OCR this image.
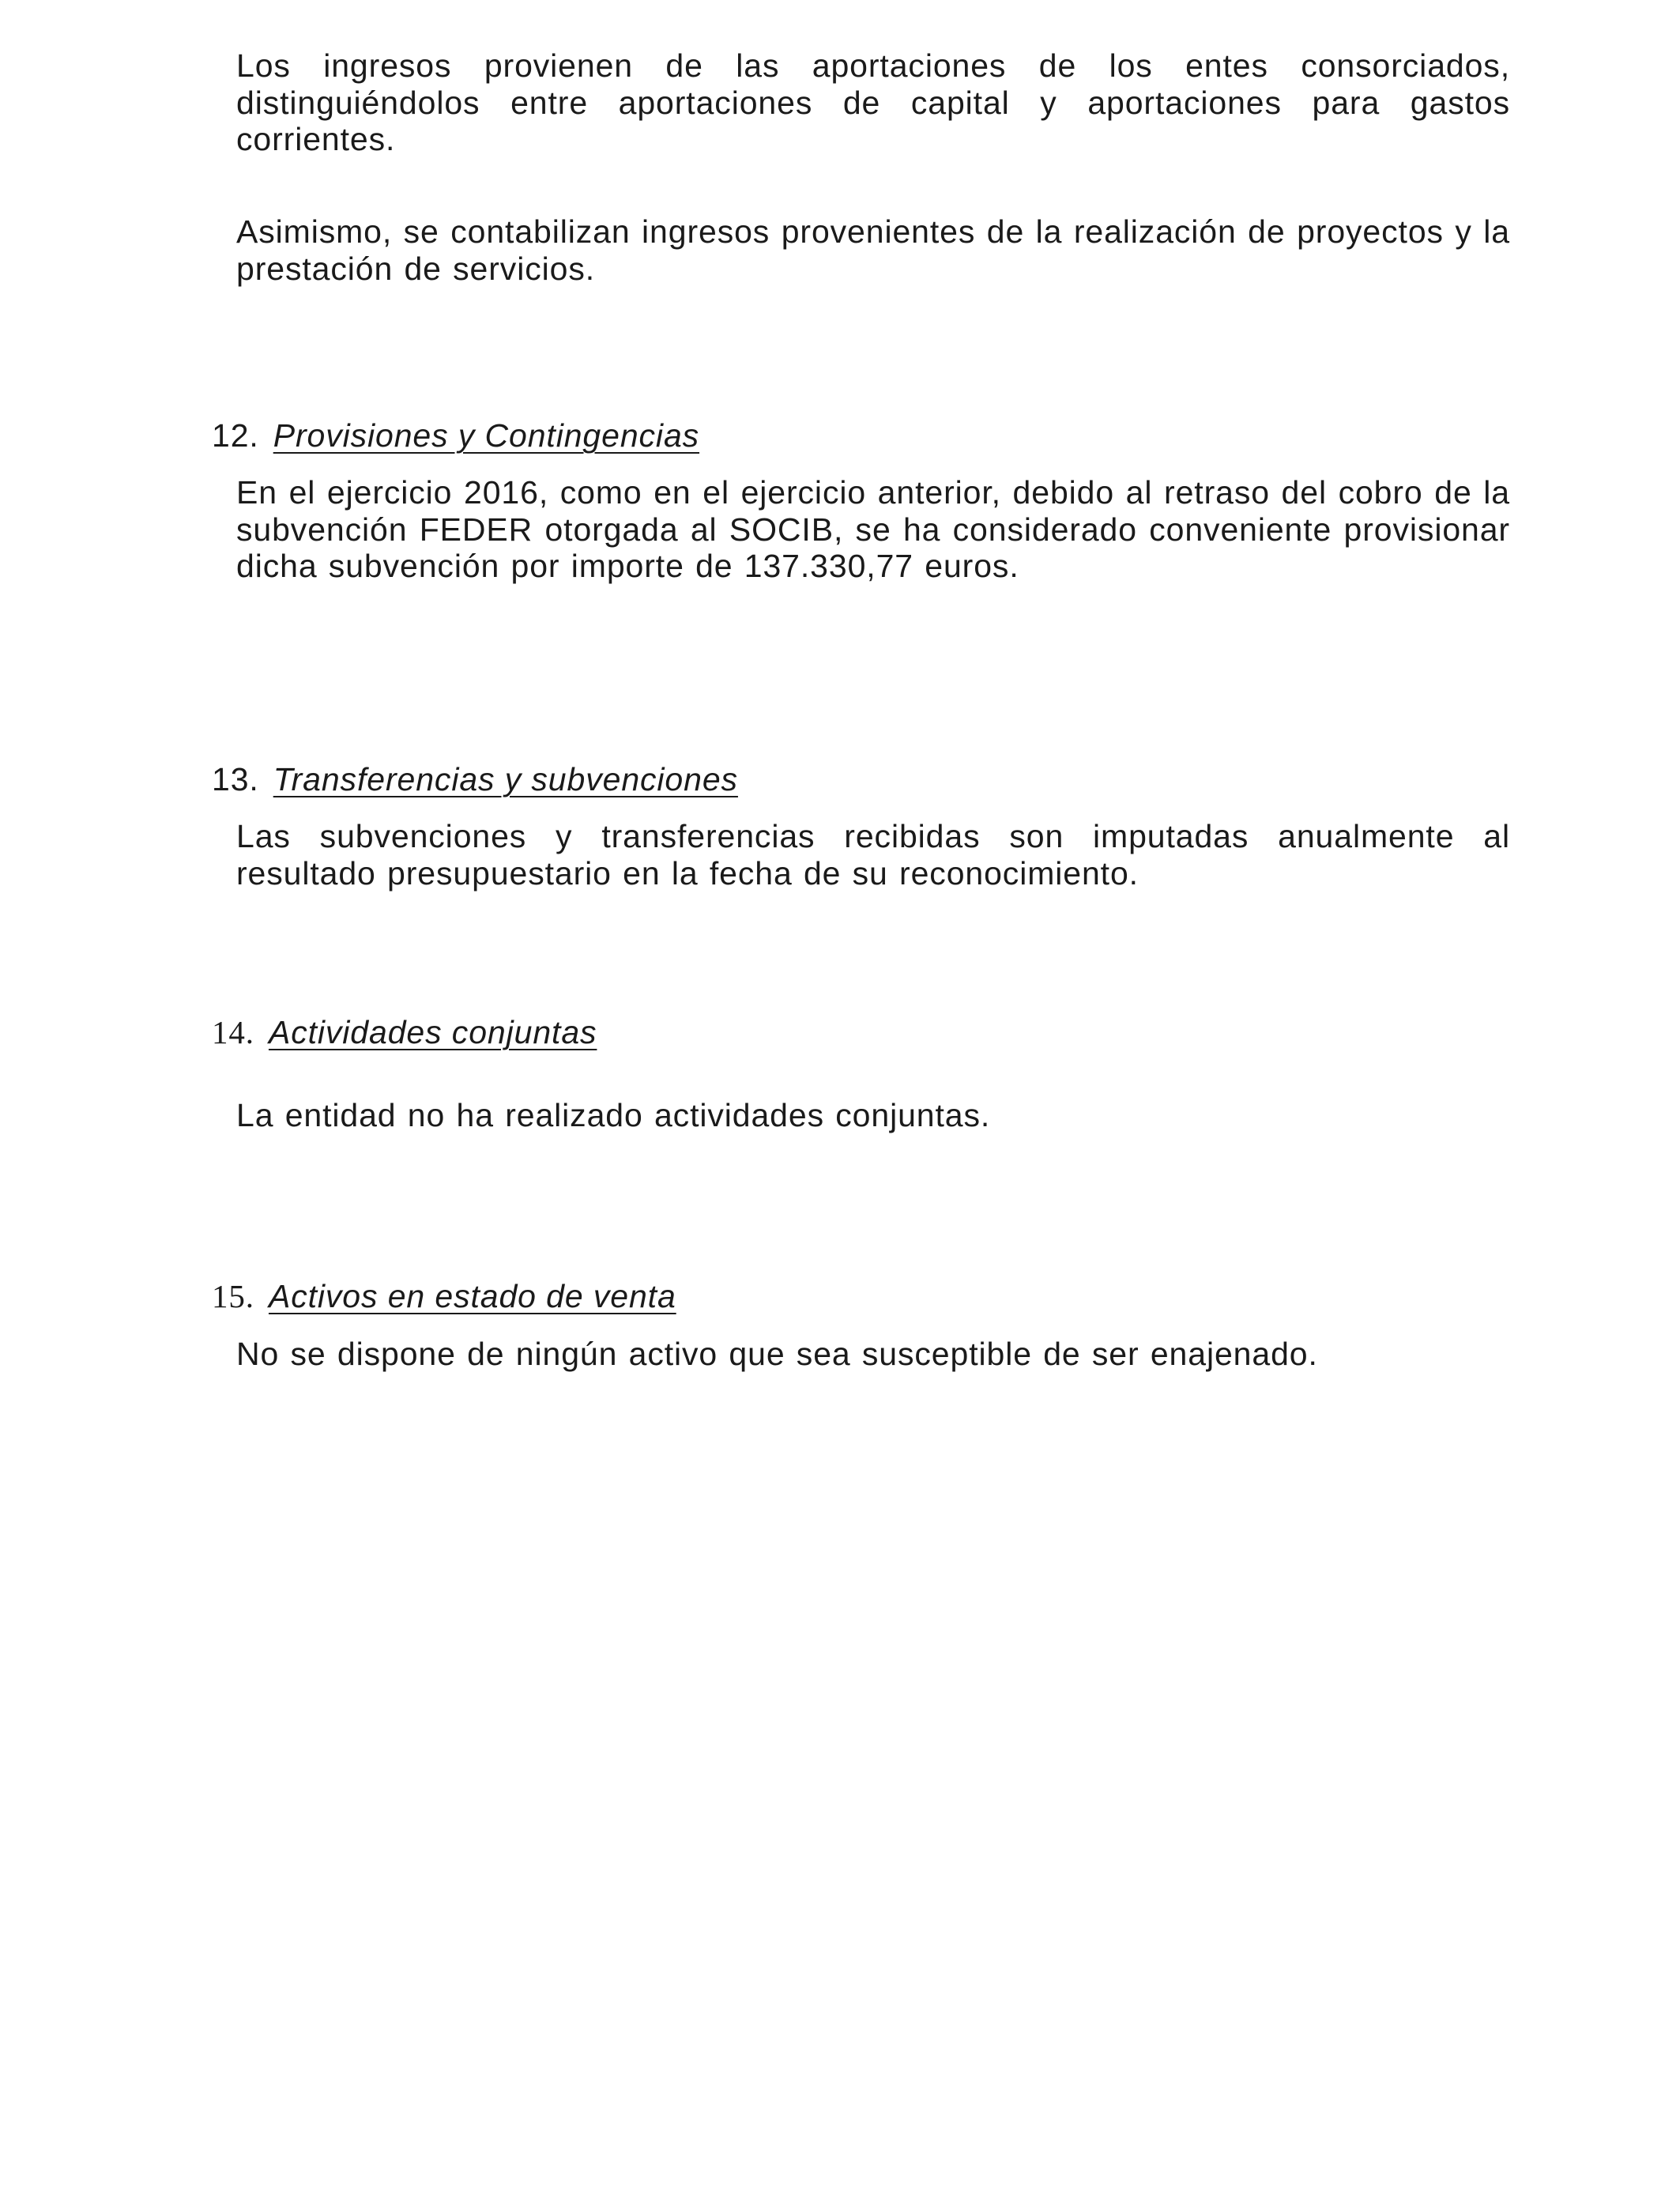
Los ingresos provienen de las aportaciones de los entes consorciados, distinguiéndolos entre aportaciones de capital y aportaciones para gastos corrientes.

Asimismo, se contabilizan ingresos provenientes de la realización de proyectos y la prestación de servicios.

12. Provisiones y Contingencias

En el ejercicio 2016, como en el ejercicio anterior, debido al retraso del cobro de la subvención FEDER otorgada al SOCIB, se ha considerado conveniente provisionar dicha subvención por importe de 137.330,77 euros.

13. Transferencias y subvenciones

Las subvenciones y transferencias recibidas son imputadas anualmente al resultado presupuestario en la fecha de su reconocimiento.

14. Actividades conjuntas

La entidad no ha realizado actividades conjuntas.

15. Activos en estado de venta

No se dispone de ningún activo que sea susceptible de ser enajenado.
